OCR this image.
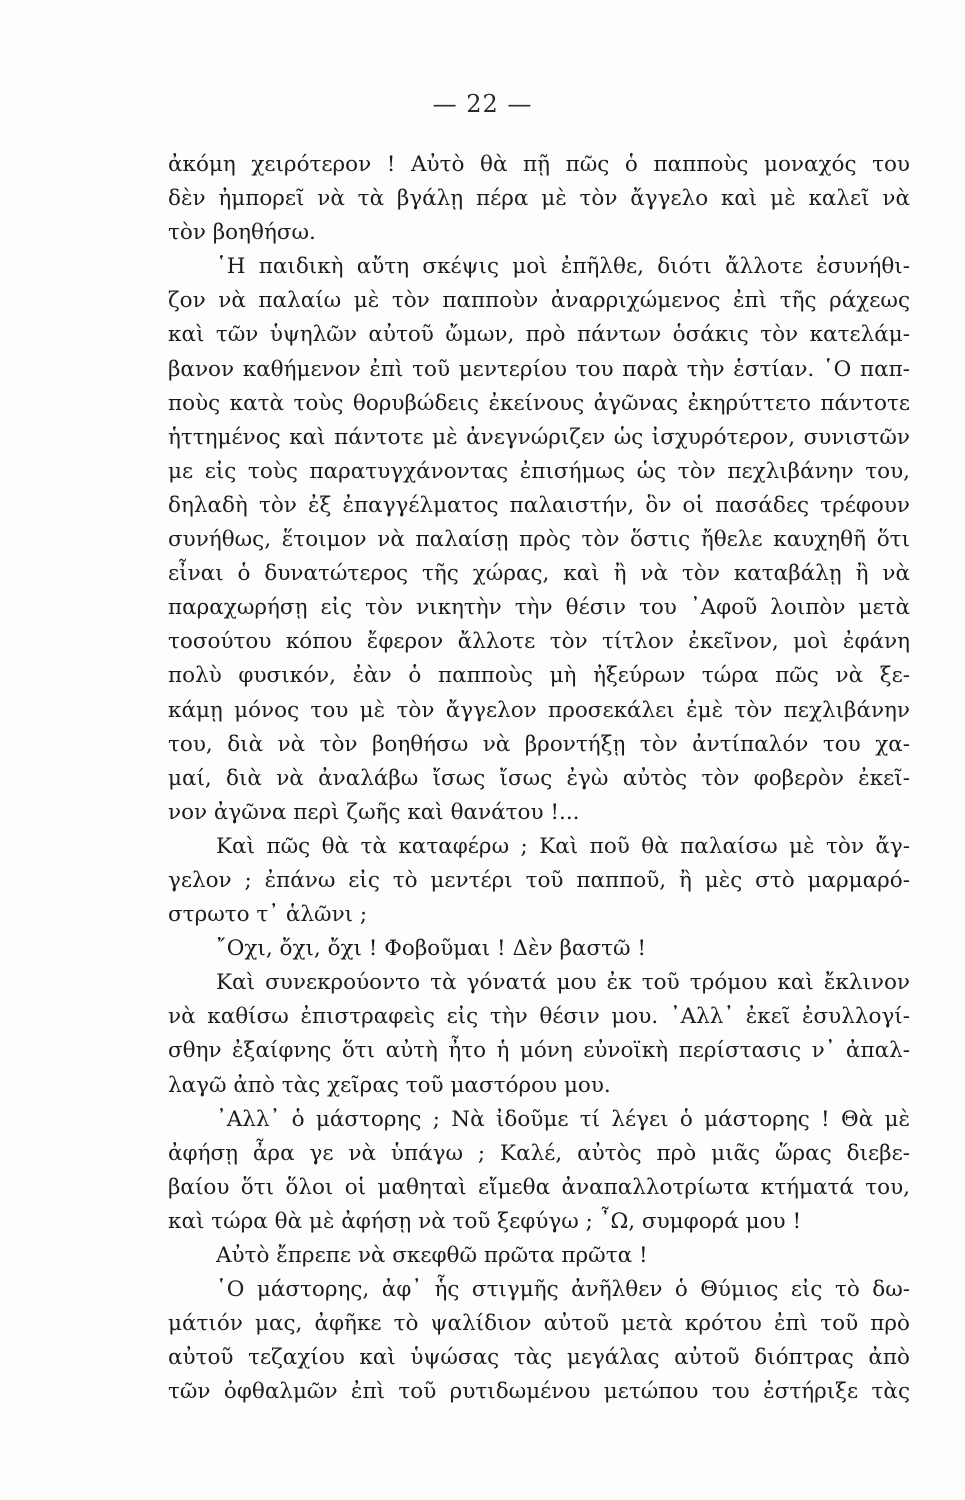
— 22 —
ἀκόμη χειρότερον ! Αὐτὸ θὰ πῇ πῶς ὁ παπποὺς μοναχός του
δὲν ἠμπορεῖ νὰ τὰ βγάλῃ πέρα μὲ τὸν ἄγγελο καὶ μὲ καλεῖ νὰ
τὸν βοηθήσω.
῾Η παιδικὴ αὔτη σκέψις μοὶ ἐπῆλθε, διότι ἄλλοτε ἐσυνήθι-
ζον νὰ παλαίω μὲ τὸν παπποὺν ἀναρριχώμενος ἐπὶ τῆς ράχεως
καὶ τῶν ὑψηλῶν αὐτοῦ ὤμων, πρὸ πάντων ὁσάκις τὸν κατελάμ-
βανον καθήμενον ἐπὶ τοῦ μεντερίου του παρὰ τὴν ἑστίαν. ῾Ο παπ-
ποὺς κατὰ τοὺς θορυβώδεις ἐκείνους ἀγῶνας ἐκηρύττετο πάντοτε
ἡττημένος καὶ πάντοτε μὲ ἀνεγνώριζεν ὡς ἰσχυρότερον, συνιστῶν
με εἰς τοὺς παρατυγχάνοντας ἐπισήμως ὡς τὸν πεχλιβάνην του,
δηλαδὴ τὸν ἐξ ἐπαγγέλματος παλαιστήν, ὃν οἱ πασάδες τρέφουν
συνήθως, ἕτοιμον νὰ παλαίσῃ πρὸς τὸν ὅστις ἤθελε καυχηθῆ ὅτι
εἶναι ὁ δυνατώτερος τῆς χώρας, καὶ ἢ νὰ τὸν καταβάλῃ ἢ νὰ
παραχωρήσῃ εἰς τὸν νικητὴν τὴν θέσιν του ᾽Αφοῦ λοιπὸν μετὰ
τοσούτου κόπου ἔφερον ἄλλοτε τὸν τίτλον ἐκεῖνον, μοὶ ἐφάνη
πολὺ φυσικόν, ἐὰν ὁ παπποὺς μὴ ἠξεύρων τώρα πῶς νὰ ξε-
κάμῃ μόνος του μὲ τὸν ἄγγελον προσεκάλει ἐμὲ τὸν πεχλιβάνην
του, διὰ νὰ τὸν βοηθήσω νὰ βροντήξῃ τὸν ἀντίπαλόν του χα-
μαί, διὰ νὰ ἀναλάβω ἴσως ἴσως ἐγὼ αὐτὸς τὸν φοβερὸν ἐκεῖ-
νον ἀγῶνα περὶ ζωῆς καὶ θανάτου !...
Καὶ πῶς θὰ τὰ καταφέρω ; Καὶ ποῦ θὰ παλαίσω μὲ τὸν ἄγ-
γελον ; ἐπάνω εἰς τὸ μεντέρι τοῦ παπποῦ, ἢ μὲς στὸ μαρμαρό-
στρωτο τ᾽ ἁλῶνι ;
῎Οχι, ὄχι, ὄχι ! Φοβοῦμαι ! Δὲν βαστῶ !
Καὶ συνεκρούοντο τὰ γόνατά μου ἐκ τοῦ τρόμου καὶ ἔκλινον
νὰ καθίσω ἐπιστραφεὶς εἰς τὴν θέσιν μου. ᾽Αλλ᾽ ἐκεῖ ἐσυλλογί-
σθην ἐξαίφνης ὅτι αὐτὴ ἦτο ἡ μόνη εὐνοϊκὴ περίστασις ν᾽ ἀπαλ-
λαγῶ ἀπὸ τὰς χεῖρας τοῦ μαστόρου μου.
᾽Αλλ᾽ ὁ μάστορης ; Νὰ ἰδοῦμε τί λέγει ὁ μάστορης ! Θὰ μὲ
ἀφήσῃ ἆρα γε νὰ ὑπάγω ; Καλέ, αὐτὸς πρὸ μιᾶς ὥρας διεβε-
βαίου ὅτι ὅλοι οἱ μαθηταὶ εἴμεθα ἀναπαλλοτρίωτα κτήματά του,
καὶ τώρα θὰ μὲ ἀφήσῃ νὰ τοῦ ξεφύγω ; ῏Ω, συμφορά μου !
Αὐτὸ ἔπρεπε νὰ σκεφθῶ πρῶτα πρῶτα !
῾Ο μάστορης, ἀφ᾽ ἧς στιγμῆς ἀνῆλθεν ὁ Θύμιος εἰς τὸ δω-
μάτιόν μας, ἀφῆκε τὸ ψαλίδιον αὐτοῦ μετὰ κρότου ἐπὶ τοῦ πρὸ
αὐτοῦ τεζαχίου καὶ ὑψώσας τὰς μεγάλας αὐτοῦ διόπτρας ἀπὸ
τῶν ὀφθαλμῶν ἐπὶ τοῦ ρυτιδωμένου μετώπου του ἐστήριξε τὰς
